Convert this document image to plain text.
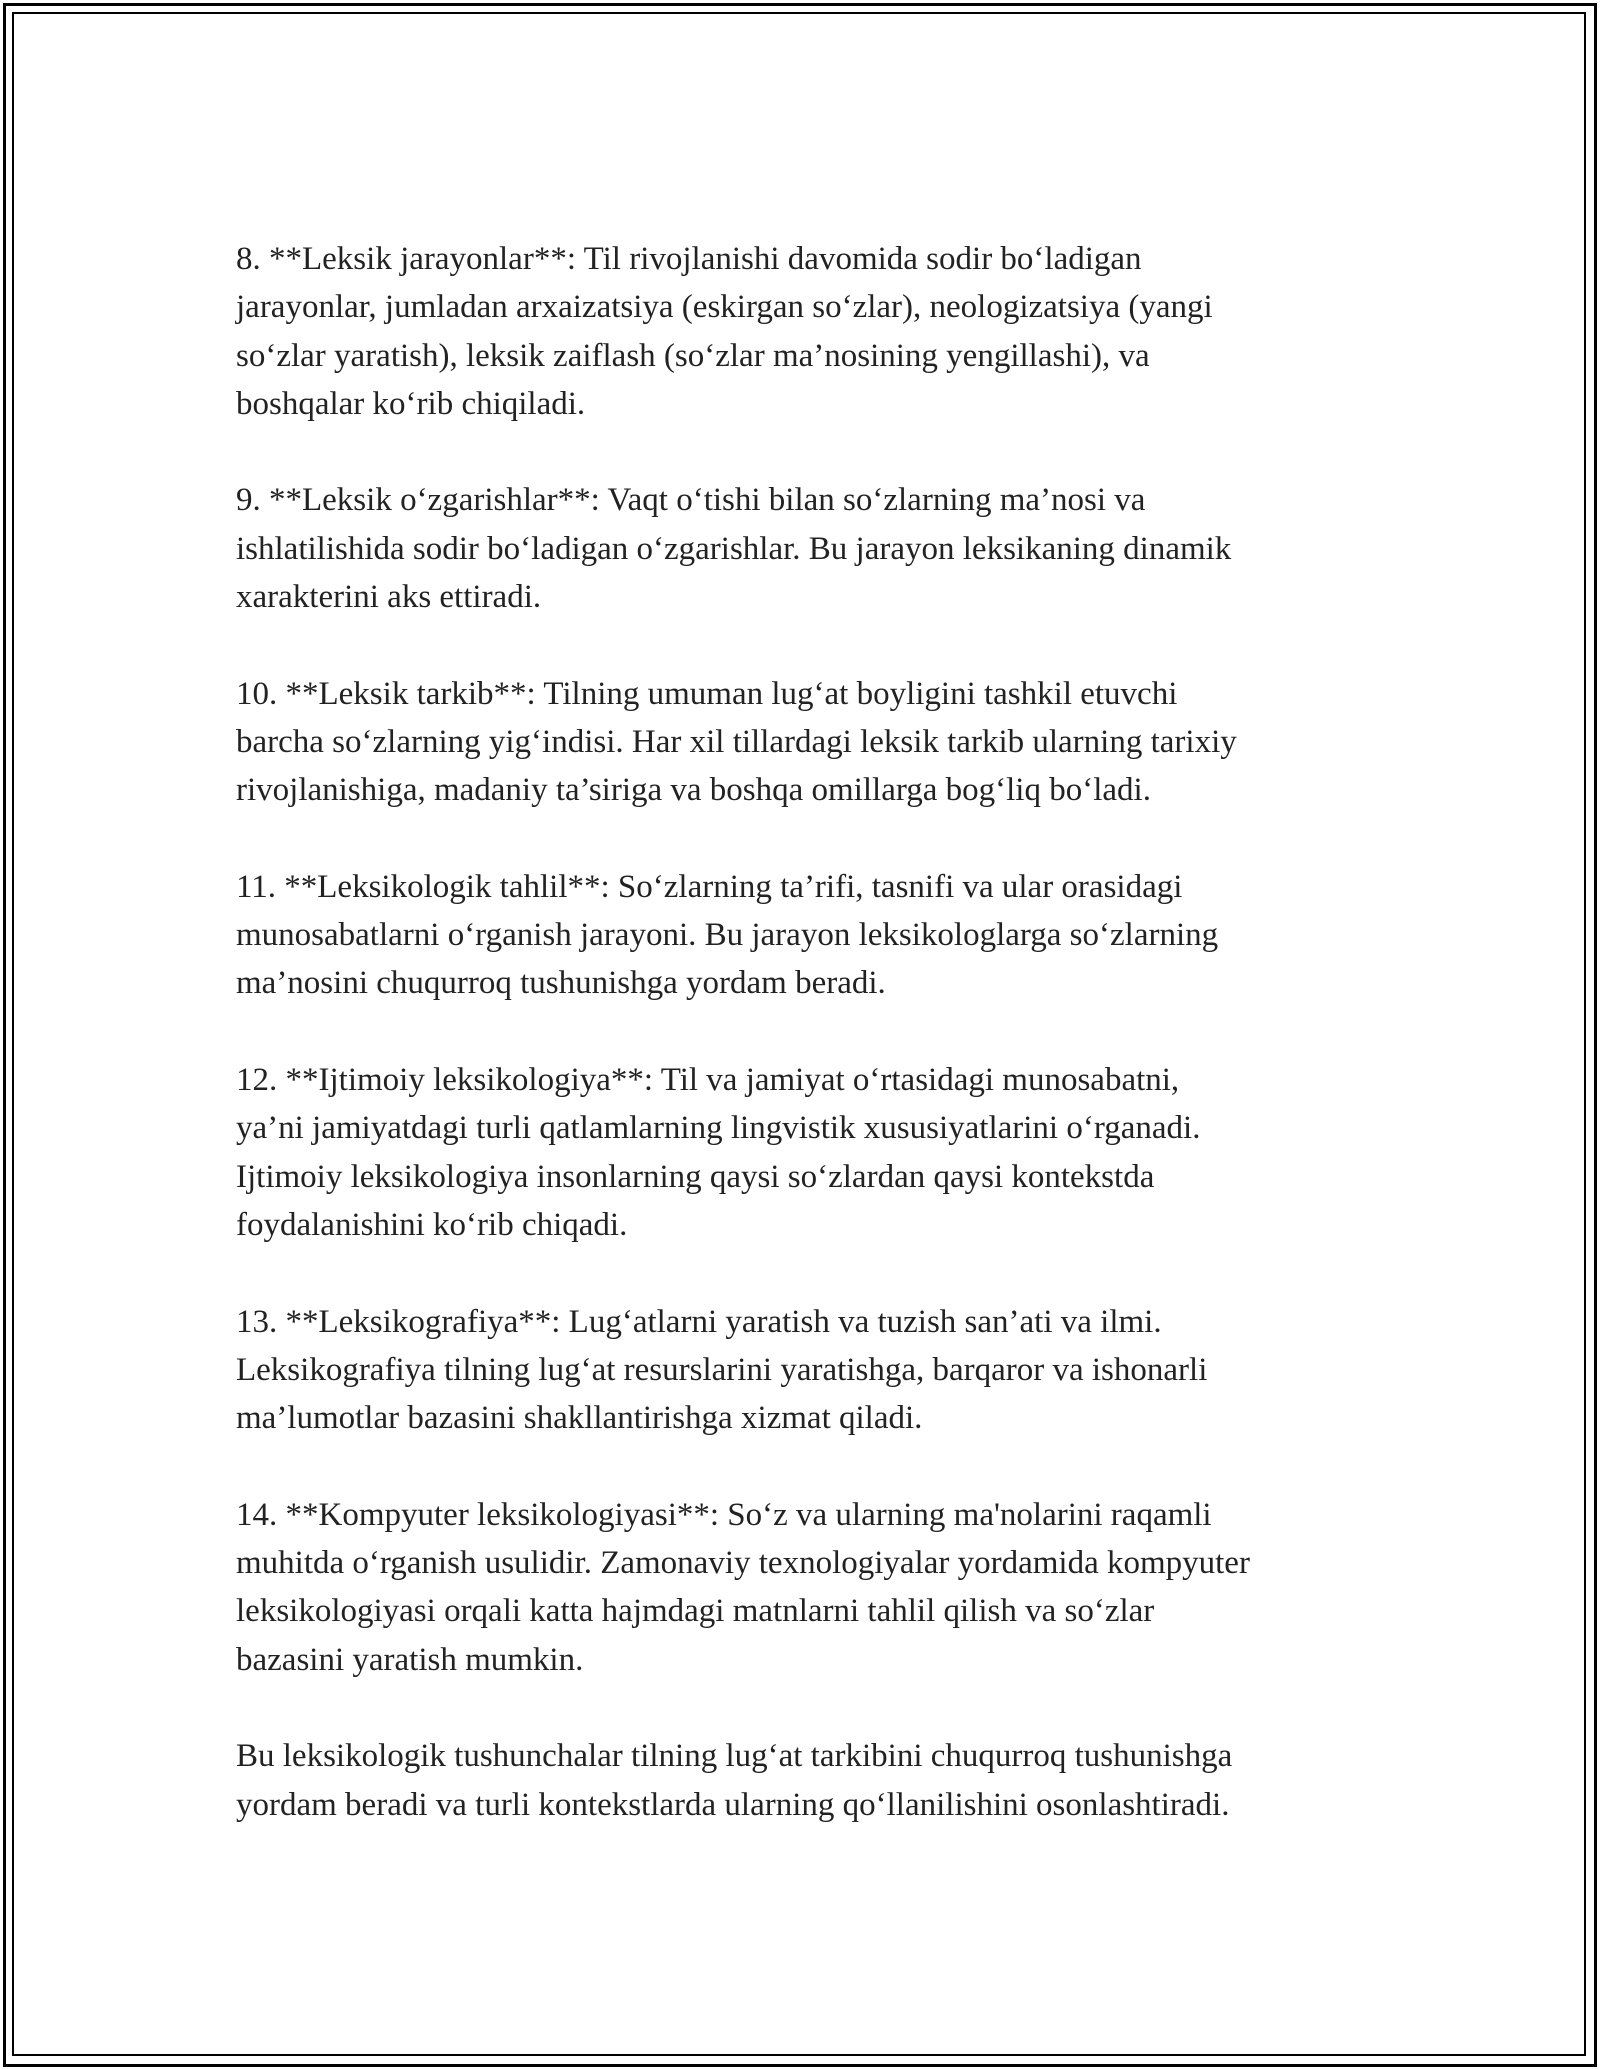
8. **Leksik jarayonlar**: Til rivojlanishi davomida sodir bo‘ladigan
jarayonlar, jumladan arxaizatsiya (eskirgan so‘zlar), neologizatsiya (yangi
so‘zlar yaratish), leksik zaiflash (so‘zlar ma’nosining yengillashi), va
boshqalar ko‘rib chiqiladi.

9. **Leksik o‘zgarishlar**: Vaqt o‘tishi bilan so‘zlarning ma’nosi va
ishlatilishida sodir bo‘ladigan o‘zgarishlar. Bu jarayon leksikaning dinamik
xarakterini aks ettiradi.

10. **Leksik tarkib**: Tilning umuman lug‘at boyligini tashkil etuvchi
barcha so‘zlarning yig‘indisi. Har xil tillardagi leksik tarkib ularning tarixiy
rivojlanishiga, madaniy ta’siriga va boshqa omillarga bog‘liq bo‘ladi.

11. **Leksikologik tahlil**: So‘zlarning ta’rifi, tasnifi va ular orasidagi
munosabatlarni o‘rganish jarayoni. Bu jarayon leksikologlarga so‘zlarning
ma’nosini chuqurroq tushunishga yordam beradi.

12. **Ijtimoiy leksikologiya**: Til va jamiyat o‘rtasidagi munosabatni,
ya’ni jamiyatdagi turli qatlamlarning lingvistik xususiyatlarini o‘rganadi.
Ijtimoiy leksikologiya insonlarning qaysi so‘zlardan qaysi kontekstda
foydalanishini ko‘rib chiqadi.

13. **Leksikografiya**: Lug‘atlarni yaratish va tuzish san’ati va ilmi.
Leksikografiya tilning lug‘at resurslarini yaratishga, barqaror va ishonarli
ma’lumotlar bazasini shakllantirishga xizmat qiladi.

14. **Kompyuter leksikologiyasi**: So‘z va ularning ma'nolarini raqamli
muhitda o‘rganish usulidir. Zamonaviy texnologiyalar yordamida kompyuter
leksikologiyasi orqali katta hajmdagi matnlarni tahlil qilish va so‘zlar
bazasini yaratish mumkin.

Bu leksikologik tushunchalar tilning lug‘at tarkibini chuqurroq tushunishga
yordam beradi va turli kontekstlarda ularning qo‘llanilishini osonlashtiradi.
